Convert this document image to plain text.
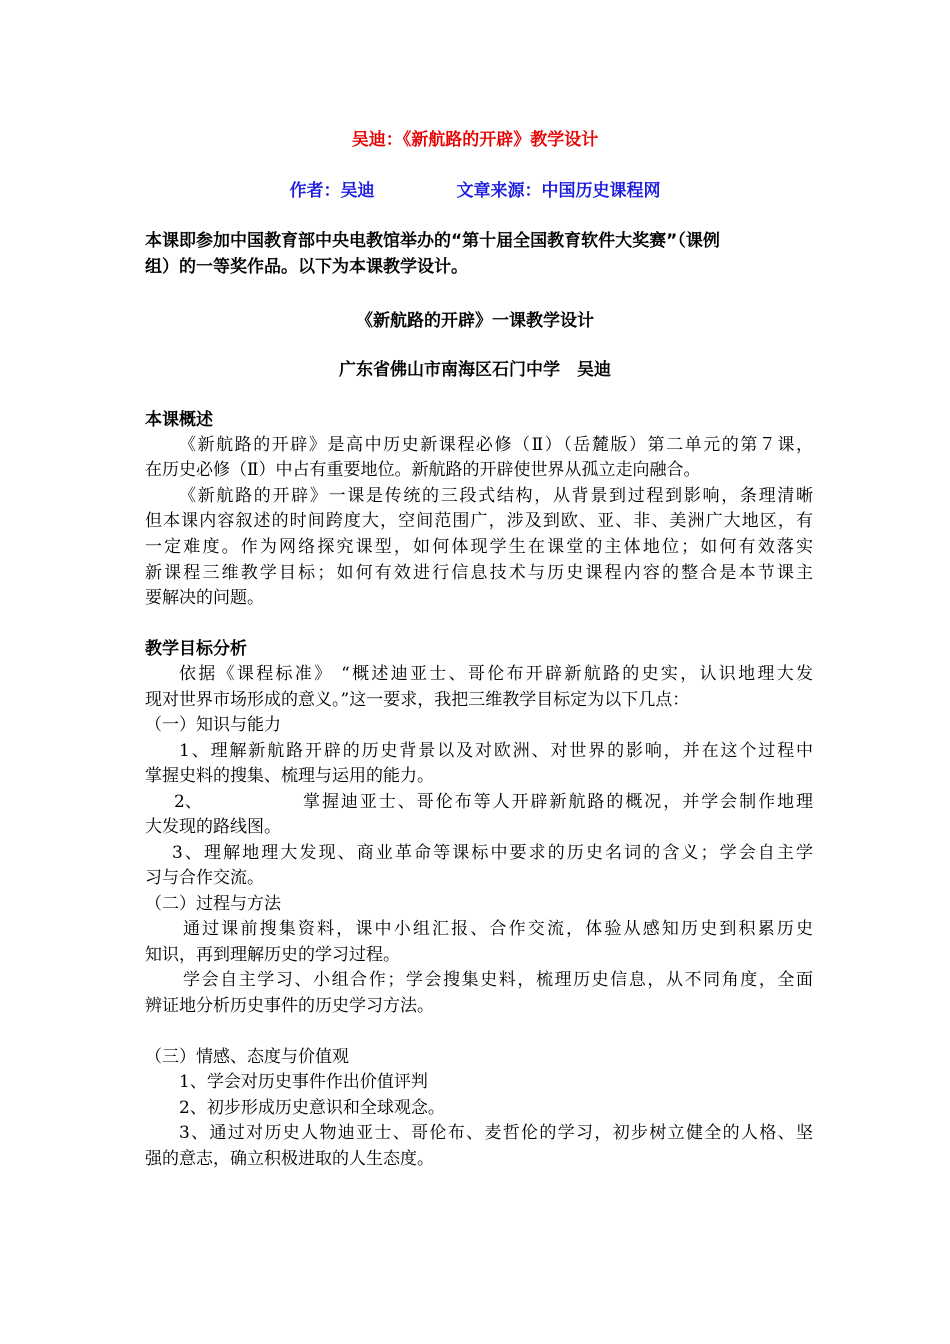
吴迪：《新航路的开辟》教学设计
作者：吴迪	文章来源：中国历史课程网
本课即参加中国教育部中央电教馆举办的“第十届全国教育软件大奖赛”（课例
组）的一等奖作品。以下为本课教学设计。
《新航路的开辟》一课教学设计
广东省佛山市南海区石门中学　吴迪
本课概述
《新航路的开辟》是高中历史新课程必修（Ⅱ）（岳麓版）第二单元的第７课，
在历史必修（Ⅱ）中占有重要地位。新航路的开辟使世界从孤立走向融合。
《新航路的开辟》一课是传统的三段式结构，从背景到过程到影响，条理清晰
但本课内容叙述的时间跨度大，空间范围广，涉及到欧、亚、非、美洲广大地区，有
一定难度。作为网络探究课型，如何体现学生在课堂的主体地位；如何有效落实
新课程三维教学目标；如何有效进行信息技术与历史课程内容的整合是本节课主
要解决的问题。
教学目标分析
依据《课程标准》 “概述迪亚士、哥伦布开辟新航路的史实，认识地理大发
现对世界市场形成的意义。”这一要求，我把三维教学目标定为以下几点：
（一）知识与能力
1、理解新航路开辟的历史背景以及对欧洲、对世界的影响，并在这个过程中
掌握史料的搜集、梳理与运用的能力。
2、	掌握迪亚士、哥伦布等人开辟新航路的概况，并学会制作地理
大发现的路线图。
3、理解地理大发现、商业革命等课标中要求的历史名词的含义；学会自主学
习与合作交流。
（二）过程与方法
通过课前搜集资料，课中小组汇报、合作交流，体验从感知历史到积累历史
知识，再到理解历史的学习过程。
学会自主学习、小组合作；学会搜集史料，梳理历史信息，从不同角度，全面
辨证地分析历史事件的历史学习方法。
（三）情感、态度与价值观
1、学会对历史事件作出价值评判
2、初步形成历史意识和全球观念。
3、通过对历史人物迪亚士、哥伦布、麦哲伦的学习，初步树立健全的人格、坚
强的意志，确立积极进取的人生态度。
